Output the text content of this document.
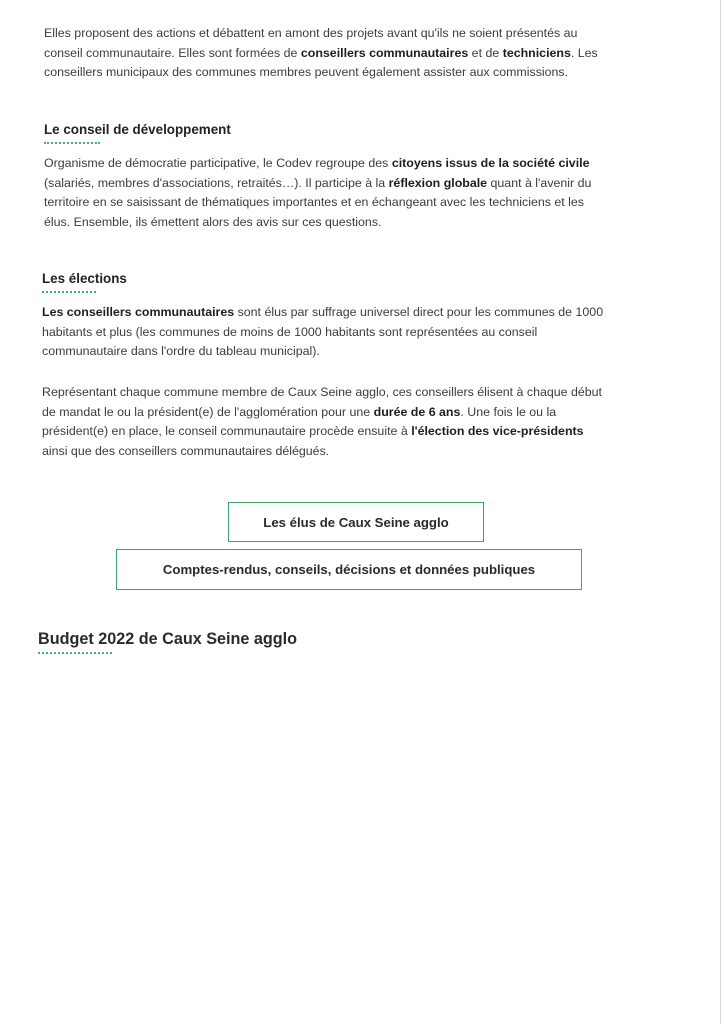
Elles proposent des actions et débattent en amont des projets avant qu'ils ne soient présentés au
conseil communautaire. Elles sont formées de conseillers communautaires et de techniciens. Les
conseillers municipaux des communes membres peuvent également assister aux commissions.

Le conseil de développement

Organisme de démocratie participative, le Codev regroupe des citoyens issus de la société civile
(salariés, membres d'associations, retraités…). Il participe à la réflexion globale quant à l'avenir du
territoire en se saisissant de thématiques importantes et en échangeant avec les techniciens et les
élus. Ensemble, ils émettent alors des avis sur ces questions.

Les élections

Les conseillers communautaires sont élus par suffrage universel direct pour les communes de 1000
habitants et plus (les communes de moins de 1000 habitants sont représentées au conseil
communautaire dans l'ordre du tableau municipal).

Représentant chaque commune membre de Caux Seine agglo, ces conseillers élisent à chaque début
de mandat le ou la président(e) de l'agglomération pour une durée de 6 ans. Une fois le ou la
président(e) en place, le conseil communautaire procède ensuite à l'élection des vice-présidents
ainsi que des conseillers communautaires délégués.

Les élus de Caux Seine agglo
Comptes-rendus, conseils, décisions et données publiques
Budget 2022 de Caux Seine agglo
